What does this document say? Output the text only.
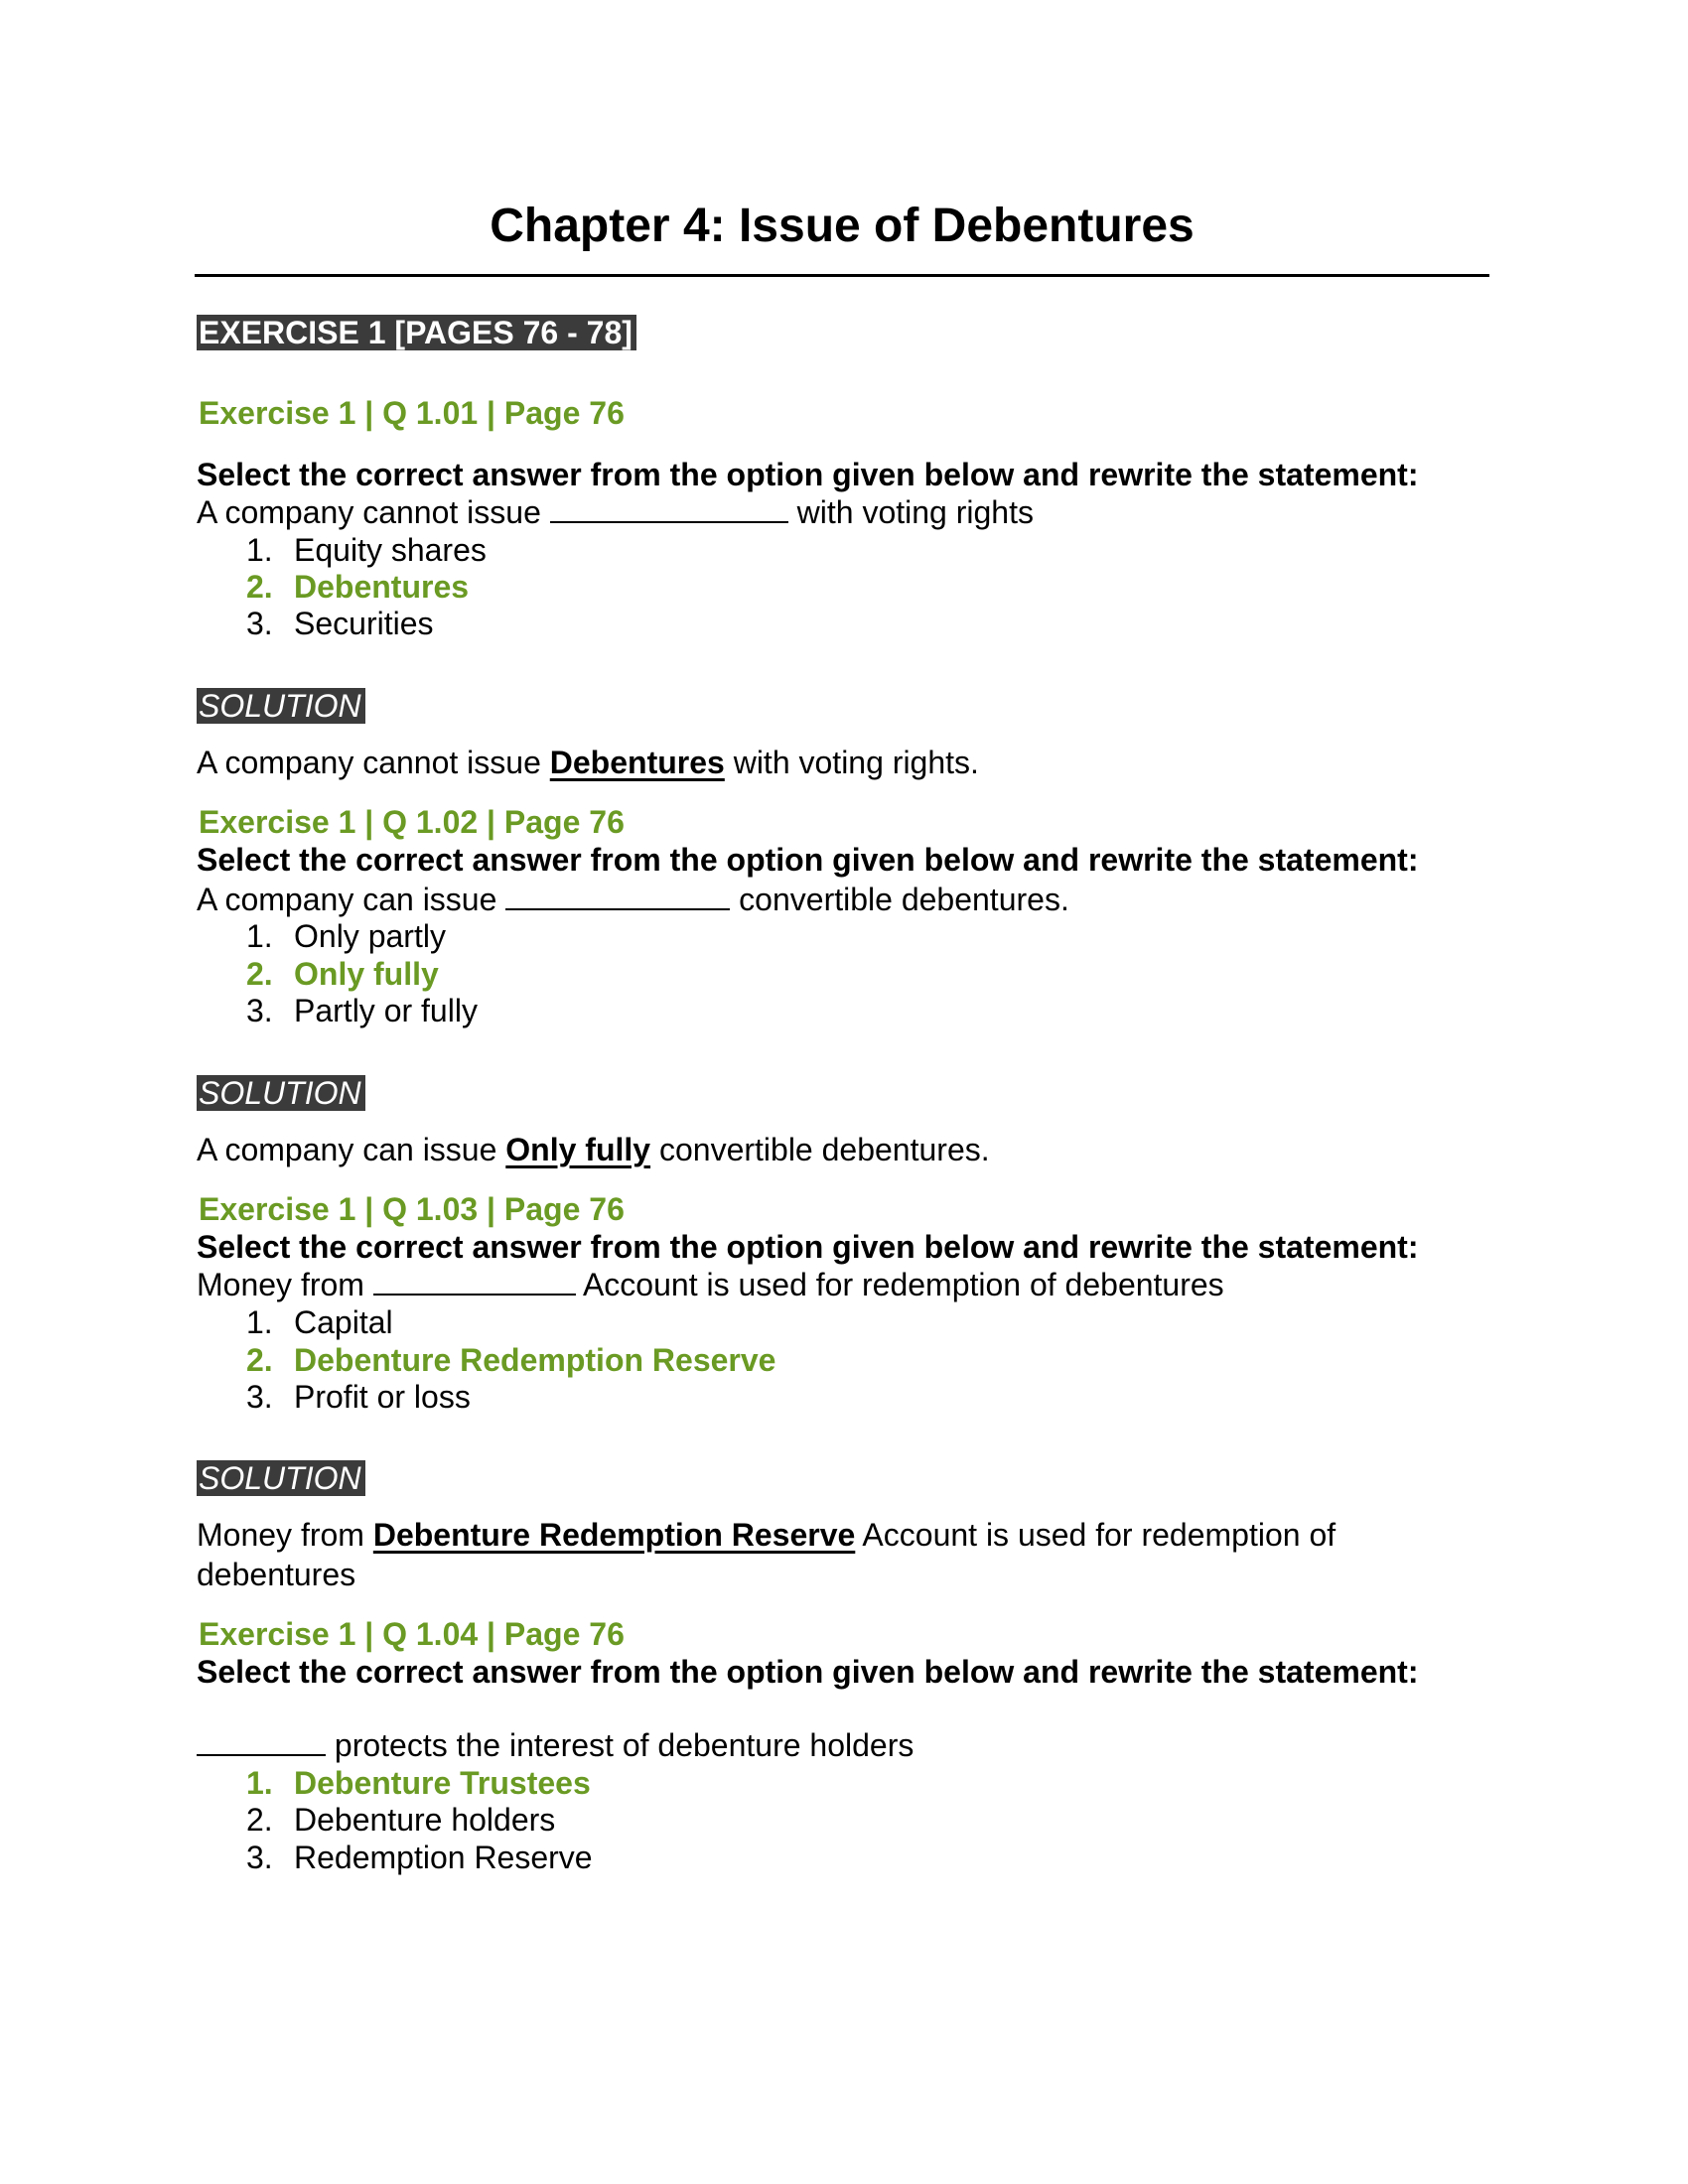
Chapter 4: Issue of Debentures
EXERCISE 1 [PAGES 76 - 78]
Exercise 1 | Q 1.01 | Page 76
Select the correct answer from the option given below and rewrite the statement:
A company cannot issue	with voting rights
1. Equity shares
2. Debentures
3. Securities
SOLUTION
A company cannot issue Debentures with voting rights.
Exercise 1 | Q 1.02 | Page 76
Select the correct answer from the option given below and rewrite the statement:
A company can issue	convertible debentures.
1. Only partly
2. Only fully
3. Partly or fully
SOLUTION
A company can issue Only fully convertible debentures.
Exercise 1 | Q 1.03 | Page 76
Select the correct answer from the option given below and rewrite the statement:
Money from	Account is used for redemption of debentures
1. Capital
2. Debenture Redemption Reserve
3. Profit or loss
SOLUTION
Money from Debenture Redemption Reserve Account is used for redemption of
debentures
Exercise 1 | Q 1.04 | Page 76
Select the correct answer from the option given below and rewrite the statement:
protects the interest of debenture holders
1. Debenture Trustees
2. Debenture holders
3. Redemption Reserve
